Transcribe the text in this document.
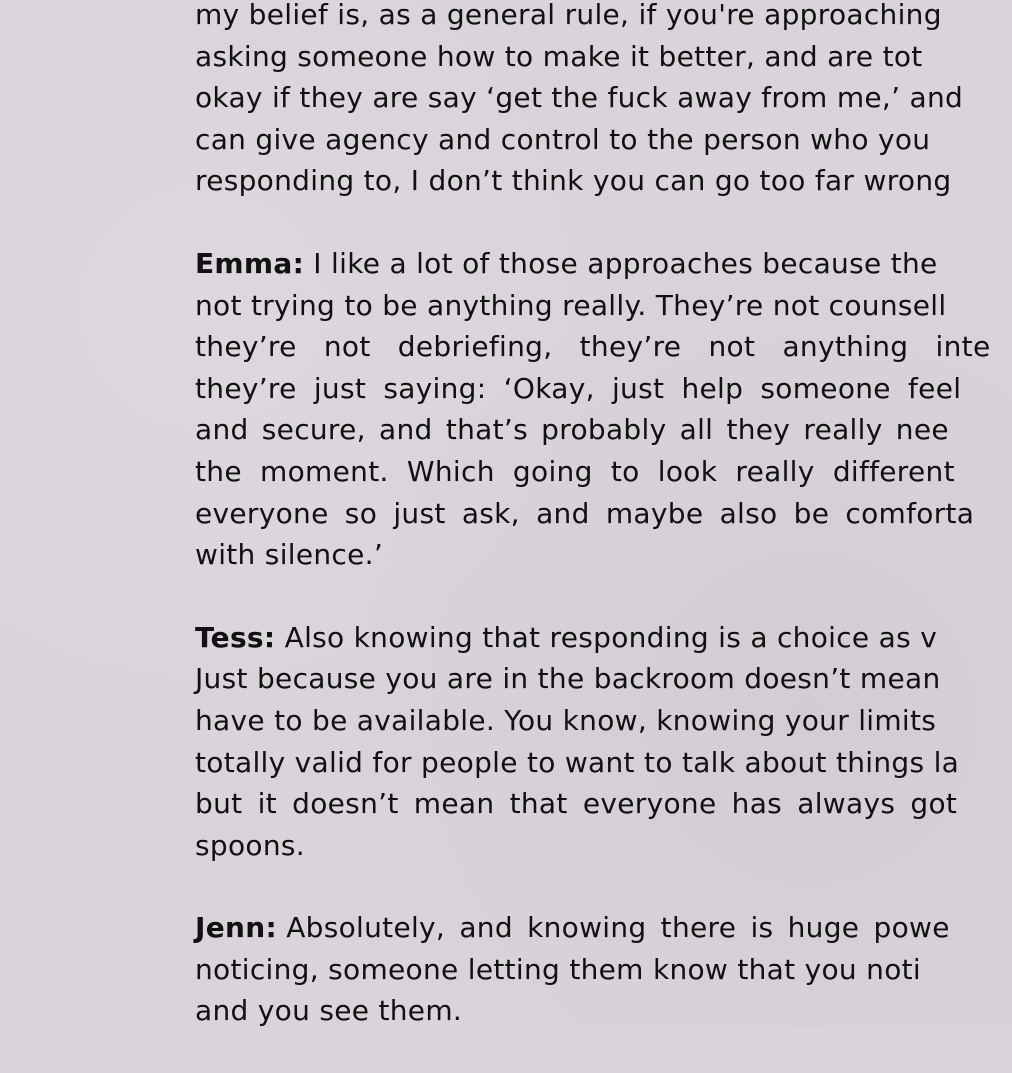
my belief is, as a general rule, if you're approaching
asking someone how to make it better, and are tot
okay if they are say ‘get the fuck away from me,’ and
can give agency and control to the person who you
responding to, I don’t think you can go too far wrong
Emma:
I like a lot of those approaches because the
not trying to be anything really. They’re not counsell
they’re not debriefing, they’re not anything inte
they’re just saying: ‘Okay, just help someone feel
and secure, and that’s probably all they really nee
the moment. Which going to look really different
everyone so just ask, and maybe also be comforta
with silence.’
Tess:
Also knowing that responding is a choice as v
Just because you are in the backroom doesn’t mean
have to be available. You know, knowing your limits
totally valid for people to want to talk about things la
but it doesn’t mean that everyone has always got
spoons.
Jenn:
Absolutely, and knowing there is huge powe
noticing, someone letting them know that you noti
and you see them.
